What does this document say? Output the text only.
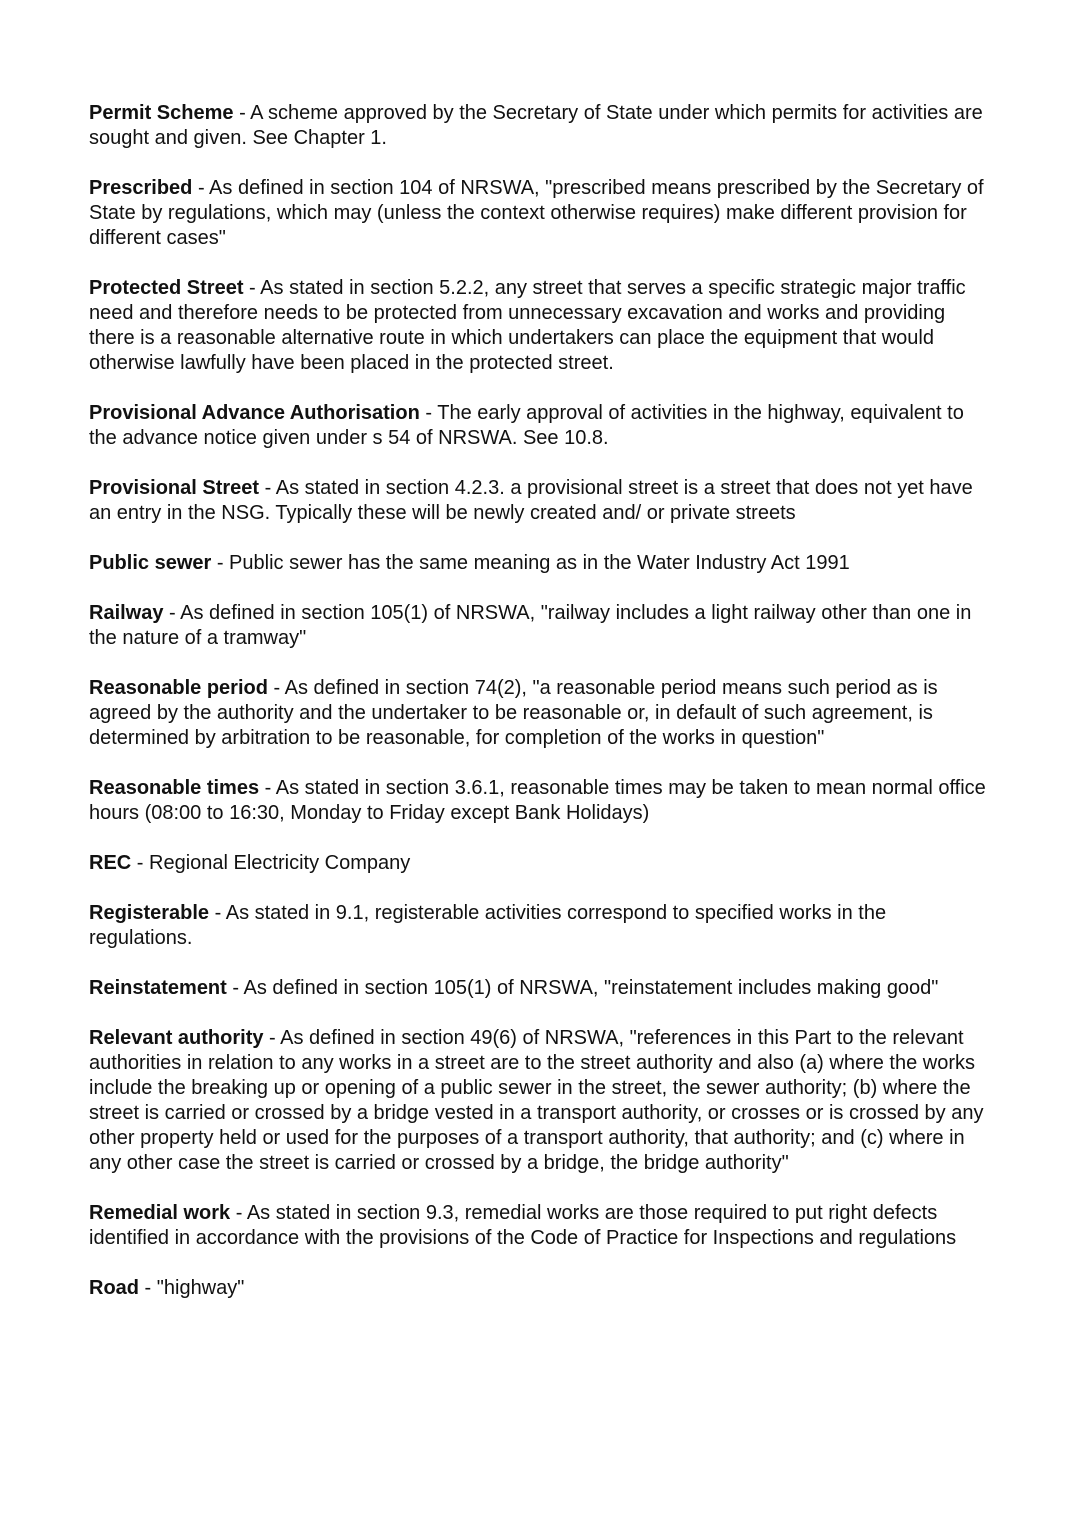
Permit Scheme - A scheme approved by the Secretary of State under which permits for activities are sought and given. See Chapter 1.

Prescribed - As defined in section 104 of NRSWA, "prescribed means prescribed by the Secretary of State by regulations, which may (unless the context otherwise requires) make different provision for different cases"

Protected Street - As stated in section 5.2.2, any street that serves a specific strategic major traffic need and therefore needs to be protected from unnecessary excavation and works and providing there is a reasonable alternative route in which undertakers can place the equipment that would otherwise lawfully have been placed in the protected street.

Provisional Advance Authorisation - The early approval of activities in the highway, equivalent to the advance notice given under s 54 of NRSWA. See 10.8.

Provisional Street - As stated in section 4.2.3. a provisional street is a street that does not yet have an entry in the NSG. Typically these will be newly created and/ or private streets

Public sewer - Public sewer has the same meaning as in the Water Industry Act 1991

Railway - As defined in section 105(1) of NRSWA, "railway includes a light railway other than one in the nature of a tramway"

Reasonable period - As defined in section 74(2), "a reasonable period means such period as is agreed by the authority and the undertaker to be reasonable or, in default of such agreement, is determined by arbitration to be reasonable, for completion of the works in question"

Reasonable times - As stated in section 3.6.1, reasonable times may be taken to mean normal office hours (08:00 to 16:30, Monday to Friday except Bank Holidays)

REC - Regional Electricity Company

Registerable - As stated in 9.1, registerable activities correspond to specified works in the regulations.

Reinstatement - As defined in section 105(1) of NRSWA, "reinstatement includes making good"

Relevant authority - As defined in section 49(6) of NRSWA, "references in this Part to the relevant authorities in relation to any works in a street are to the street authority and also (a) where the works include the breaking up or opening of a public sewer in the street, the sewer authority; (b) where the street is carried or crossed by a bridge vested in a transport authority, or crosses or is crossed by any other property held or used for the purposes of a transport authority, that authority; and (c) where in any other case the street is carried or crossed by a bridge, the bridge authority"

Remedial work - As stated in section 9.3, remedial works are those required to put right defects identified in accordance with the provisions of the Code of Practice for Inspections and regulations

Road - "highway"
